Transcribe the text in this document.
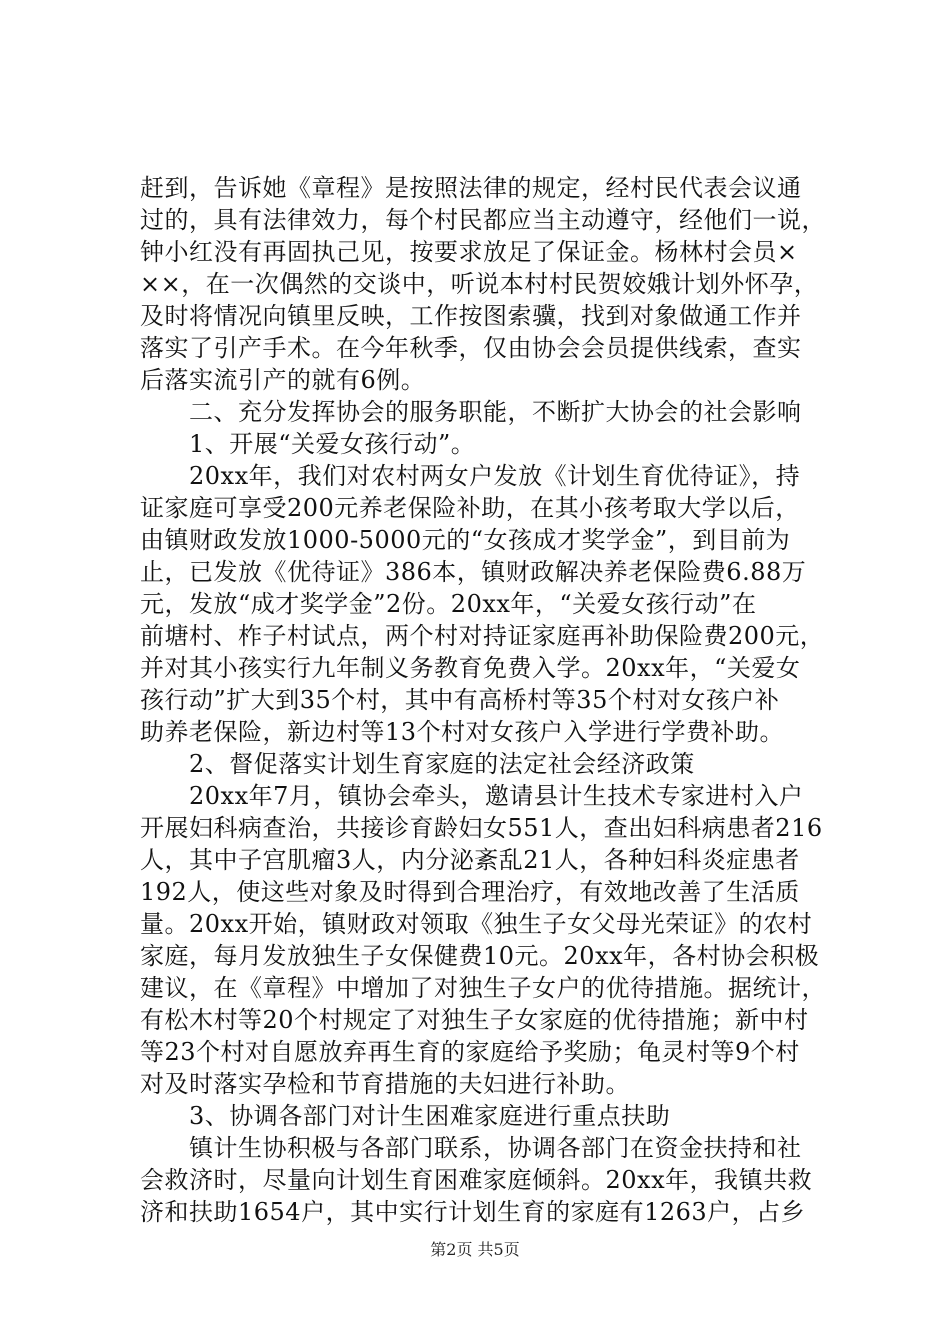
赶到，告诉她《章程》是按照法律的规定，经村民代表会议通
过的，具有法律效力，每个村民都应当主动遵守，经他们一说，
钟小红没有再固执己见，按要求放足了保证金。杨林村会员×
××，在一次偶然的交谈中，听说本村村民贺姣娥计划外怀孕，
及时将情况向镇里反映，工作按图索骥，找到对象做通工作并
落实了引产手术。在今年秋季，仅由协会会员提供线索，查实
后落实流引产的就有6例。
　　二、充分发挥协会的服务职能，不断扩大协会的社会影响
　　1、开展“关爱女孩行动”。
　　20xx年，我们对农村两女户发放《计划生育优待证》，持
证家庭可享受200元养老保险补助，在其小孩考取大学以后，
由镇财政发放1000-5000元的“女孩成才奖学金”，到目前为
止，已发放《优待证》386本，镇财政解决养老保险费6.88万
元，发放“成才奖学金”2份。20xx年，“关爱女孩行动”在
前塘村、柞子村试点，两个村对持证家庭再补助保险费200元，
并对其小孩实行九年制义务教育免费入学。20xx年，“关爱女
孩行动”扩大到35个村，其中有高桥村等35个村对女孩户补
助养老保险，新边村等13个村对女孩户入学进行学费补助。
　　2、督促落实计划生育家庭的法定社会经济政策
　　20xx年7月，镇协会牵头，邀请县计生技术专家进村入户
开展妇科病查治，共接诊育龄妇女551人，查出妇科病患者216
人，其中子宫肌瘤3人，内分泌紊乱21人，各种妇科炎症患者
192人，使这些对象及时得到合理治疗，有效地改善了生活质
量。20xx开始，镇财政对领取《独生子女父母光荣证》的农村
家庭，每月发放独生子女保健费10元。20xx年，各村协会积极
建议，在《章程》中增加了对独生子女户的优待措施。据统计，
有松木村等20个村规定了对独生子女家庭的优待措施；新中村
等23个村对自愿放弃再生育的家庭给予奖励；龟灵村等9个村
对及时落实孕检和节育措施的夫妇进行补助。
　　3、协调各部门对计生困难家庭进行重点扶助
　　镇计生协积极与各部门联系，协调各部门在资金扶持和社
会救济时，尽量向计划生育困难家庭倾斜。20xx年，我镇共救
济和扶助1654户，其中实行计划生育的家庭有1263户，占乡

第2页 共5页
